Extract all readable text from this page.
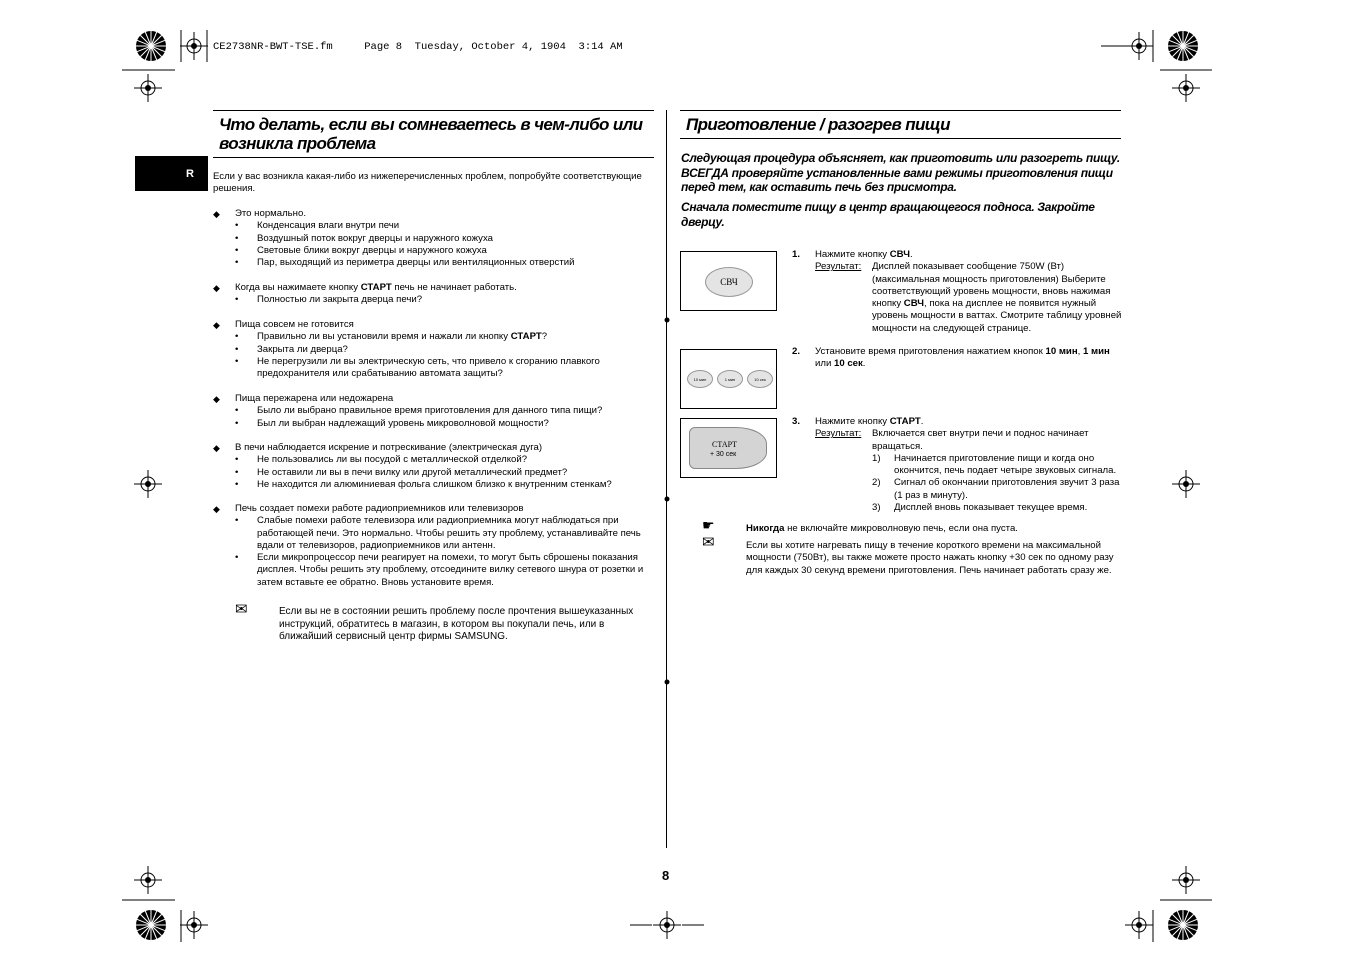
CE2738NR-BWT-TSE.fm	Page 8 Tuesday, October 4, 1904 3:14 AM
R
Что делать, если вы сомневаетесь в чем-либо или
возникла проблема
Если у вас возникла какая-либо из нижеперечисленных проблем, попробуйте соответствующие решения.
◆ Это нормально.
• Конденсация влаги внутри печи
• Воздушный поток вокруг дверцы и наружного кожуха
• Световые блики вокруг дверцы и наружного кожуха
• Пар, выходящий из периметра дверцы или вентиляционных отверстий
◆ Когда вы нажимаете кнопку СТАРТ печь не начинает работать.
• Полностью ли закрыта дверца печи?
◆ Пища совсем не готовится
• Правильно ли вы установили время и нажали ли кнопку СТАРТ?
• Закрыта ли дверца?
• Не перегрузили ли вы электрическую сеть, что привело к сгоранию плавкого предохранителя или срабатыванию автомата защиты?
◆ Пища пережарена или недожарена
• Было ли выбрано правильное время приготовления для данного типа пищи?
• Был ли выбран надлежащий уровень микроволновой мощности?
◆ В печи наблюдается искрение и потрескивание (электрическая дуга)
• Не пользовались ли вы посудой с металлической отделкой?
• Не оставили ли вы в печи вилку или другой металлический предмет?
• Не находится ли алюминиевая фольга слишком близко к внутренним стенкам?
◆ Печь создает помехи работе радиоприемников или телевизоров
• Слабые помехи работе телевизора или радиоприемника могут наблюдаться при работающей печи. Это нормально. Чтобы решить эту проблему, устанавливайте печь вдали от телевизоров, радиоприемников или антенн.
• Если микропроцессор печи реагирует на помехи, то могут быть сброшены показания дисплея. Чтобы решить эту проблему, отсоедините вилку сетевого шнура от розетки и затем вставьте ее обратно. Вновь установите время.
✉	Если вы не в состоянии решить проблему после прочтения вышеуказанных инструкций, обратитесь в магазин, в котором вы покупали печь, или в ближайший сервисный центр фирмы SAMSUNG.
Приготовление / разогрев пищи
Следующая процедура объясняет, как приготовить или разогреть пищу. ВСЕГДА проверяйте установленные вами режимы приготовления пищи перед тем, как оставить печь без присмотра.
Сначала поместите пищу в центр вращающегося подноса. Закройте дверцу.
СВЧ
10 мин	1 мин	10 сек
СТАРТ
+ 30 сек
1. Нажмите кнопку СВЧ.
Результат:	Дисплей показывает сообщение 750W (Вт) (максимальная мощность приготовления) Выберите соответствующий уровень мощности, вновь нажимая кнопку СВЧ, пока на дисплее не появится нужный уровень мощности в ваттах. Смотрите таблицу уровней мощности на следующей странице.
2. Установите время приготовления нажатием кнопок 10 мин, 1 мин или 10 сек.
3. Нажмите кнопку СТАРТ.
Результат:	Включается свет внутри печи и поднос начинает вращаться.
1)	Начинается приготовление пищи и когда оно окончится, печь подает четыре звуковых сигнала.
2)	Сигнал об окончании приготовления звучит 3 раза (1 раз в минуту).
3)	Дисплей вновь показывает текущее время.
☛	Никогда не включайте микроволновую печь, если она пуста.
✉	Если вы хотите нагревать пищу в течение короткого времени на максимальной мощности (750Вт), вы также можете просто нажать кнопку +30 сек по одному разу для каждых 30 секунд времени приготовления. Печь начинает работать сразу же.
8
